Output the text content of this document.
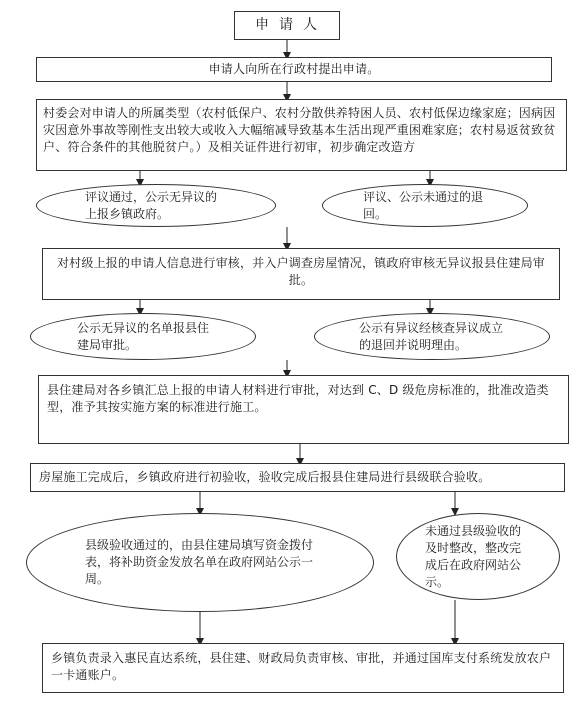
申请人
申请人向所在行政村提出申请。
村委会对申请人的所属类型（农村低保户、农村分散供养特困人员、农村低保边缘家庭；因病因灾因意外事故等刚性支出较大或收入大幅缩减导致基本生活出现严重困难家庭；农村易返贫致贫户、符合条件的其他脱贫户。）及相关证件进行初审，初步确定改造方
评议通过，公示无异议的上报乡镇政府。
评议、公示未通过的退回。
对村级上报的申请人信息进行审核，并入户调查房屋情况，镇政府审核无异议报县住建局审批。
公示无异议的名单报县住建局审批。
公示有异议经核查异议成立的退回并说明理由。
县住建局对各乡镇汇总上报的申请人材料进行审批，对达到 C、D 级危房标准的，批准改造类型，准予其按实施方案的标准进行施工。
房屋施工完成后，乡镇政府进行初验收，验收完成后报县住建局进行县级联合验收。
县级验收通过的，由县住建局填写资金拨付表，将补助资金发放名单在政府网站公示一周。
未通过县级验收的及时整改，整改完成后在政府网站公示。
乡镇负责录入惠民直达系统，县住建、财政局负责审核、审批，并通过国库支付系统发放农户一卡通账户。
